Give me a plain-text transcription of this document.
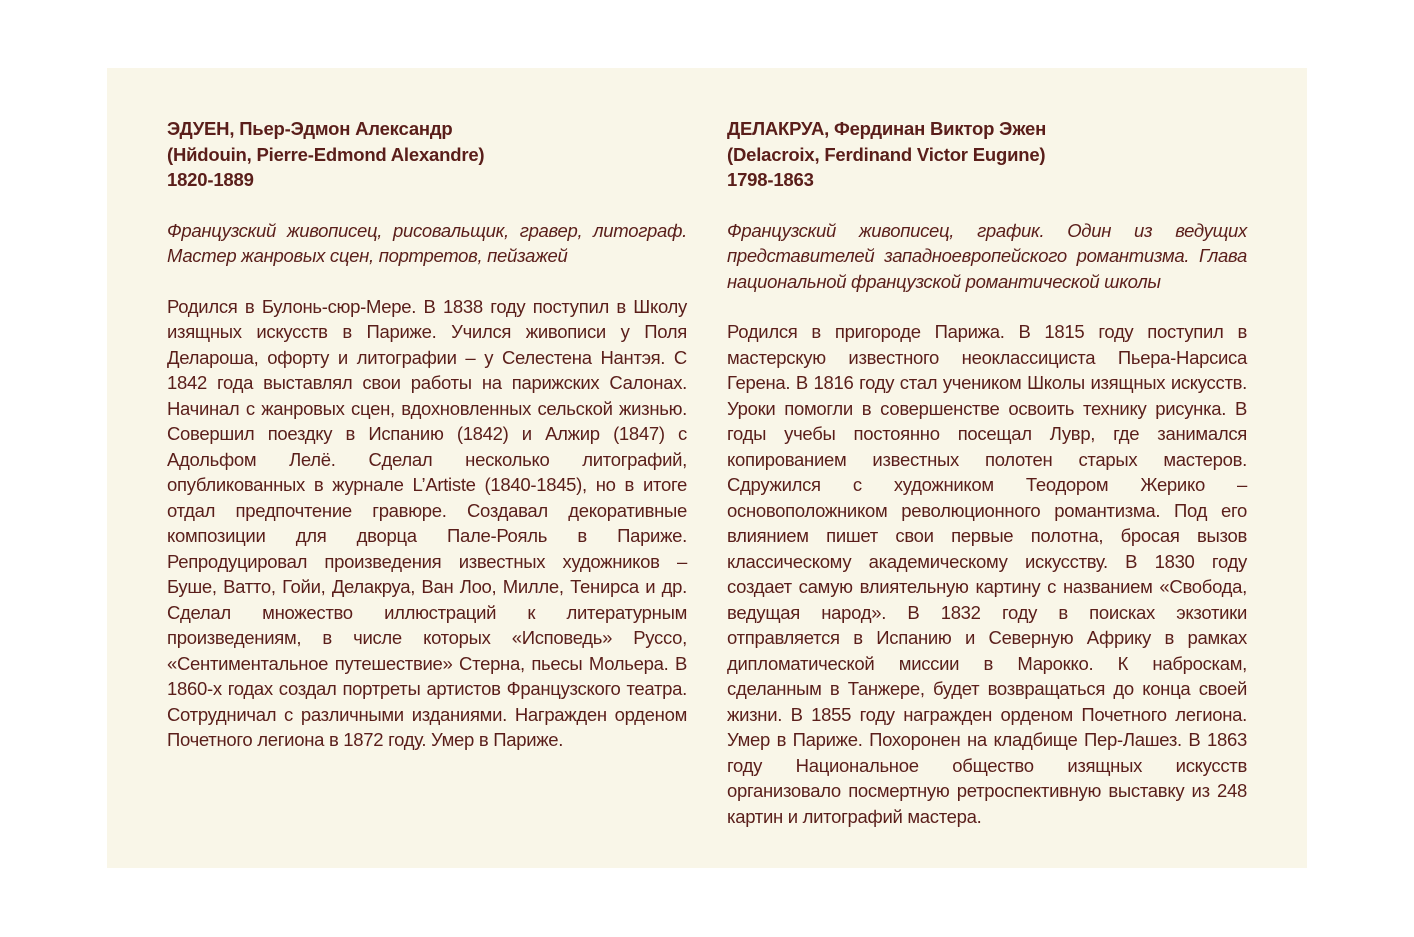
ЭДУЕН, Пьер-Эдмон Александр
(Hйdouin, Pierre-Edmond Alexandre)
1820-1889

Французский живописец, рисовальщик, гравер, литограф. Мастер жанровых сцен, портретов, пейзажей

Родился в Булонь-сюр-Мере. В 1838 году поступил в Школу изящных искусств в Париже. Учился живописи у Поля Делароша, офорту и литографии – у Селестена Нантэя. С 1842 года выставлял свои работы на парижских Салонах. Начинал с жанровых сцен, вдохновленных сельской жизнью. Совершил поездку в Испанию (1842) и Алжир (1847) с Адольфом Лелё. Сделал несколько литографий, опубликованных в журнале L’Artiste (1840-1845), но в итоге отдал предпочтение гравюре. Создавал декоративные композиции для дворца Пале-Рояль в Париже. Репродуцировал произведения известных художников – Буше, Ватто, Гойи, Делакруа, Ван Лоо, Милле, Тенирса и др. Сделал множество иллюстраций к литературным произведениям, в числе которых «Исповедь» Руссо, «Сентиментальное путешествие» Стерна, пьесы Мольера. В 1860-х годах создал портреты артистов Французского театра. Сотрудничал с различными изданиями. Награжден орденом Почетного легиона в 1872 году. Умер в Париже.

ДЕЛАКРУА, Фердинан Виктор Эжен
(Delacroix, Ferdinand Victor Eugиne)
1798-1863

Французский живописец, график. Один из ведущих представителей западноевропейского романтизма. Глава национальной французской романтической школы

Родился в пригороде Парижа. В 1815 году поступил в мастерскую известного неоклассициста Пьера-Нарсиса Герена. В 1816 году стал учеником Школы изящных искусств. Уроки помогли в совершенстве освоить технику рисунка. В годы учебы постоянно посещал Лувр, где занимался копированием известных полотен старых мастеров. Сдружился с художником Теодором Жерико – основоположником революционного романтизма. Под его влиянием пишет свои первые полотна, бросая вызов классическому академическому искусству. В 1830 году создает самую влиятельную картину с названием «Свобода, ведущая народ». В 1832 году в поисках экзотики отправляется в Испанию и Северную Африку в рамках дипломатической миссии в Марокко. К наброскам, сделанным в Танжере, будет возвращаться до конца своей жизни. В 1855 году награжден орденом Почетного легиона. Умер в Париже. Похоронен на кладбище Пер-Лашез. В 1863 году Национальное общество изящных искусств организовало посмертную ретроспективную выставку из 248 картин и литографий мастера.
